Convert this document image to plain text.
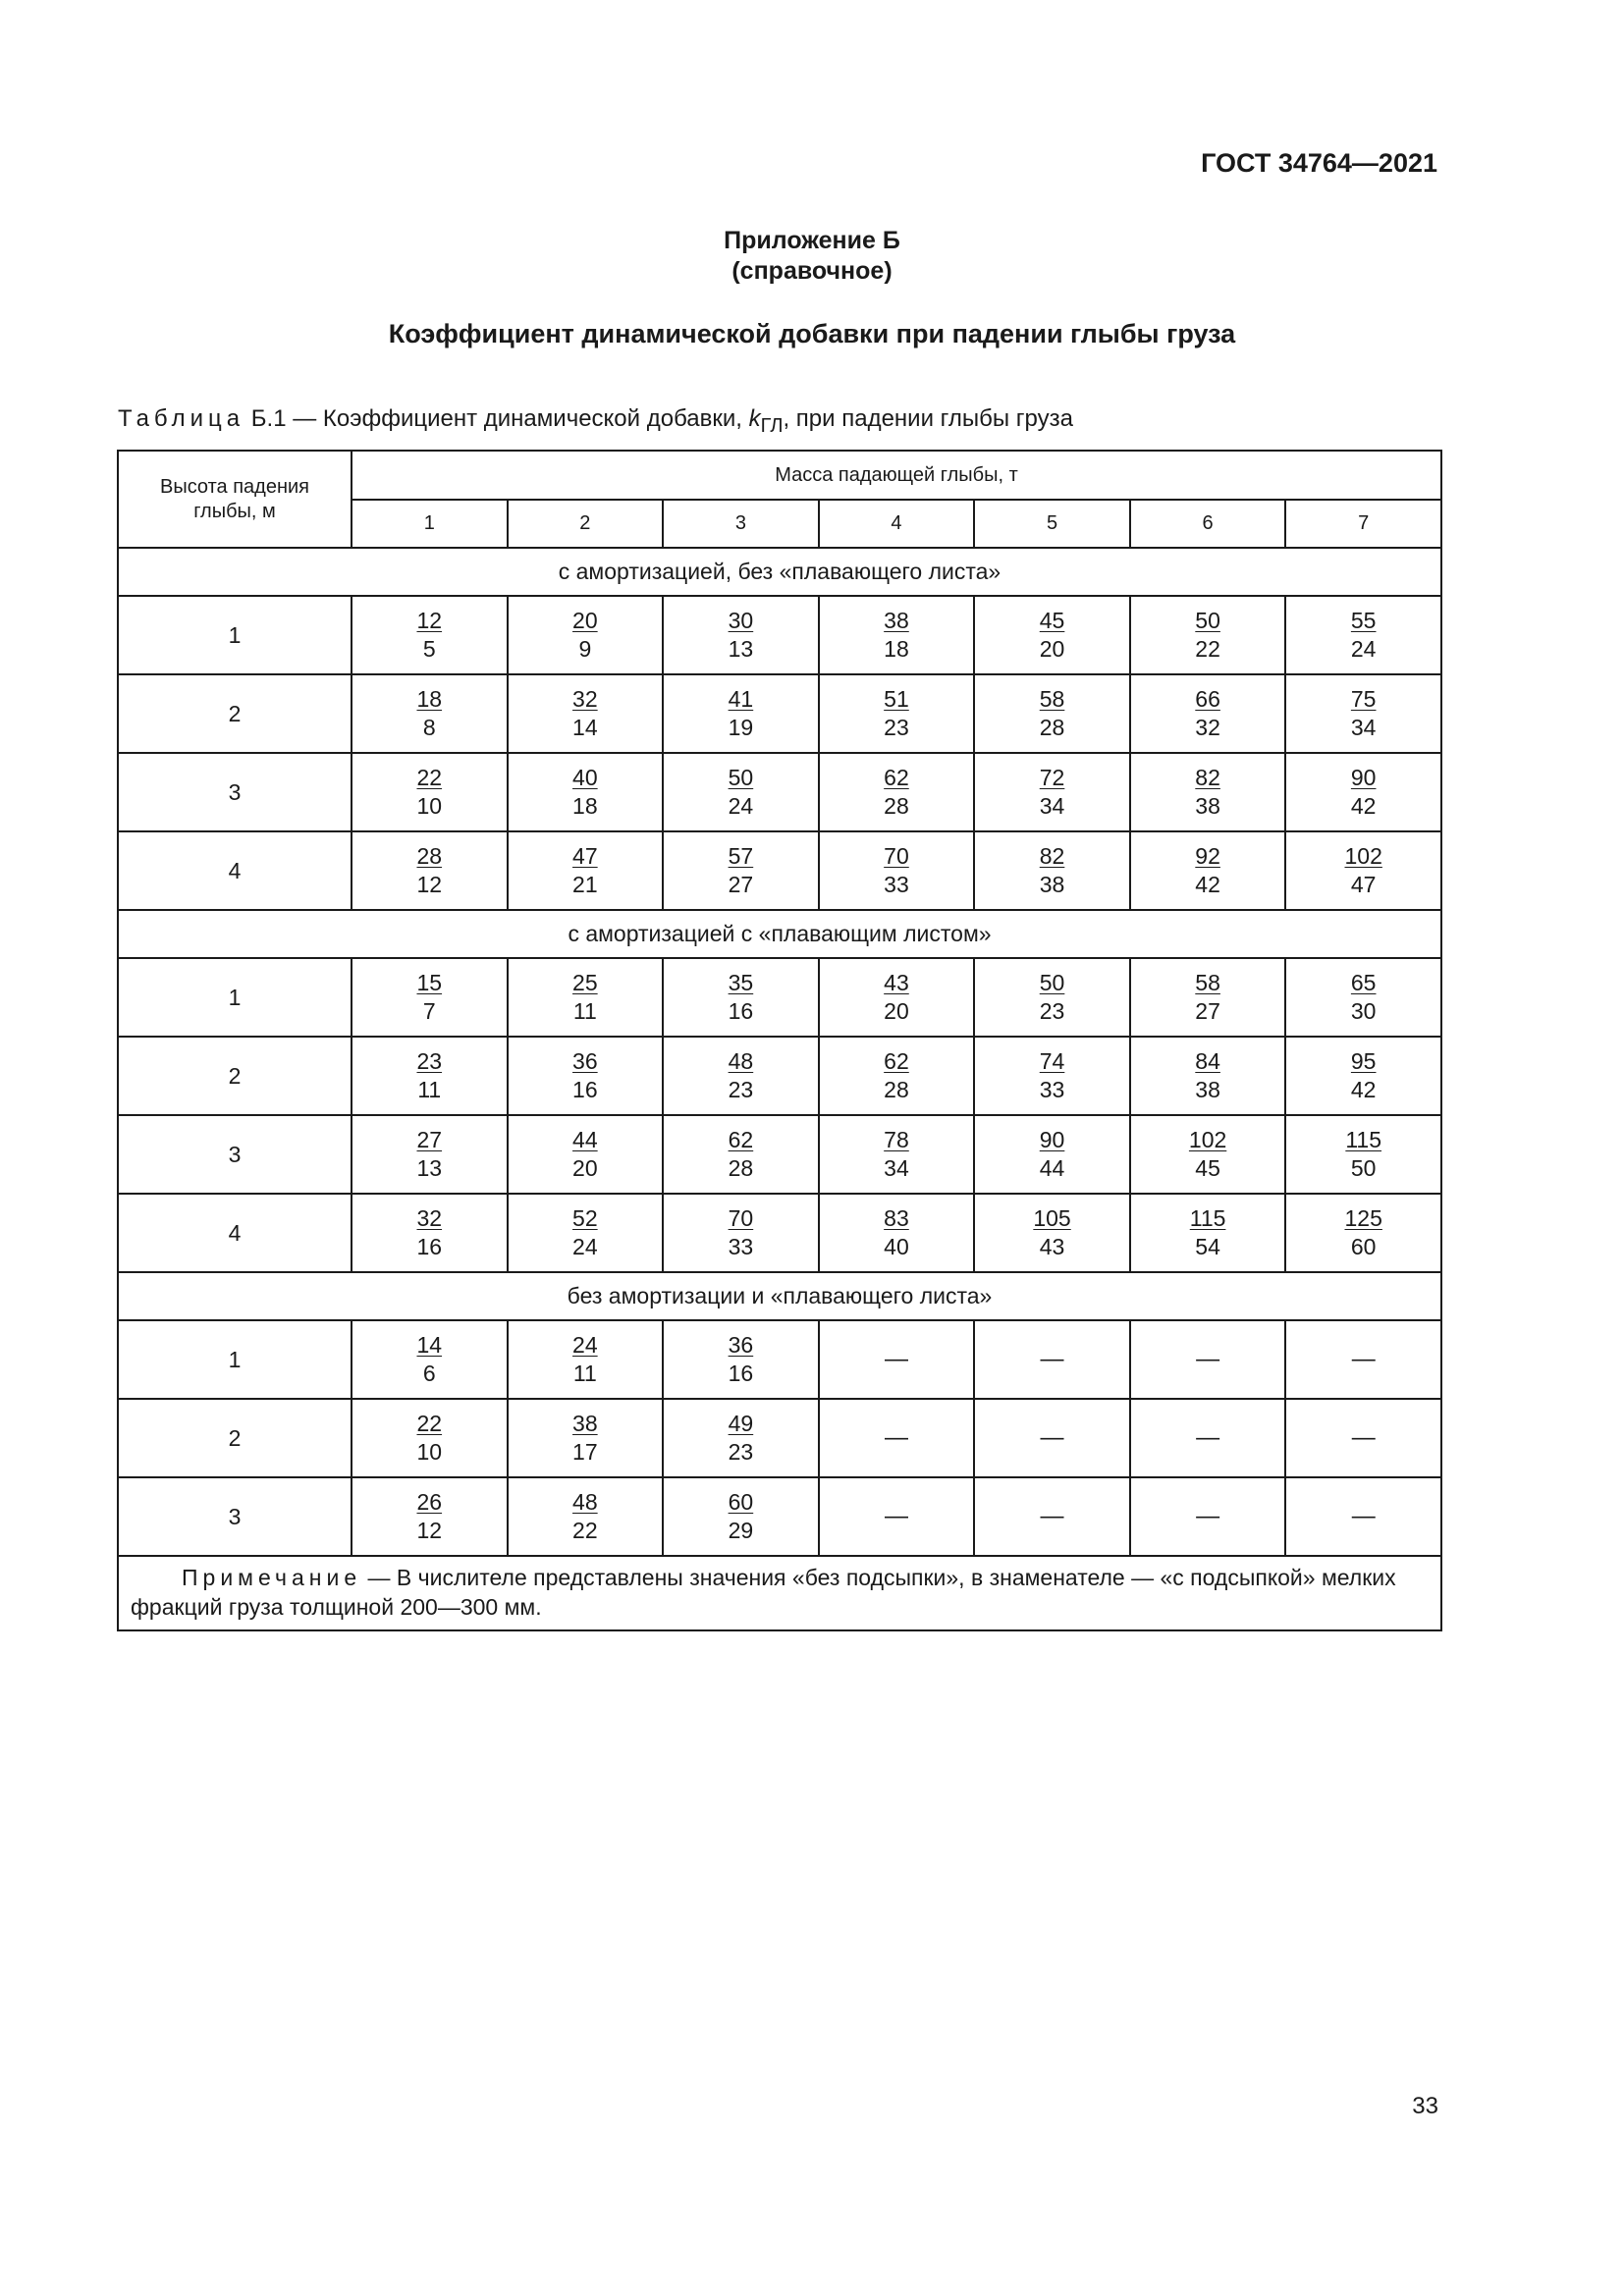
ГОСТ 34764—2021
Приложение Б
(справочное)
Коэффициент динамической добавки при падении глыбы груза
Таблица Б.1 — Коэффициент динамической добавки, $k_{ГЛ}$, при падении глыбы груза
Высота падения глыбы, м	Масса падающей глыбы, т						
	1	2	3	4	5	6	7
с амортизацией, без «плавающего листа»							
1	$\frac{12}{5}$	$\frac{20}{9}$	$\frac{30}{13}$	$\frac{38}{18}$	$\frac{45}{20}$	$\frac{50}{22}$	$\frac{55}{24}$

2	$\frac{18}{8}$	$\frac{32}{14}$	$\frac{41}{19}$	$\frac{51}{23}$	$\frac{58}{28}$	$\frac{66}{32}$	$\frac{75}{34}$

3	$\frac{22}{10}$	$\frac{40}{18}$	$\frac{50}{24}$	$\frac{62}{28}$	$\frac{72}{34}$	$\frac{82}{38}$	$\frac{90}{42}$

4	$\frac{28}{12}$	$\frac{47}{21}$	$\frac{57}{27}$	$\frac{70}{33}$	$\frac{82}{38}$	$\frac{92}{42}$	$\frac{102}{47}$

с амортизацией с «плавающим листом»							
1	$\frac{15}{7}$	$\frac{25}{11}$	$\frac{35}{16}$	$\frac{43}{20}$	$\frac{50}{23}$	$\frac{58}{27}$	$\frac{65}{30}$

2	$\frac{23}{11}$	$\frac{36}{16}$	$\frac{48}{23}$	$\frac{62}{28}$	$\frac{74}{33}$	$\frac{84}{38}$	$\frac{95}{42}$

3	$\frac{27}{13}$	$\frac{44}{20}$	$\frac{62}{28}$	$\frac{78}{34}$	$\frac{90}{44}$	$\frac{102}{45}$	$\frac{115}{50}$

4	$\frac{32}{16}$	$\frac{52}{24}$	$\frac{70}{33}$	$\frac{83}{40}$	$\frac{105}{43}$	$\frac{115}{54}$	$\frac{125}{60}$

без амортизации и «плавающего листа»							
1	$\frac{14}{6}$	$\frac{24}{11}$	$\frac{36}{16}$	—	—	—	—
2	$\frac{22}{10}$	$\frac{38}{17}$	$\frac{49}{23}$	—	—	—	—
3	$\frac{26}{12}$	$\frac{48}{22}$	$\frac{60}{29}$	—	—	—	—

Примечание — В числителе представлены значения «без подсыпки», в знаменателе — «с подсыпкой» мелких фракций груза толщиной 200—300 мм.							
33
